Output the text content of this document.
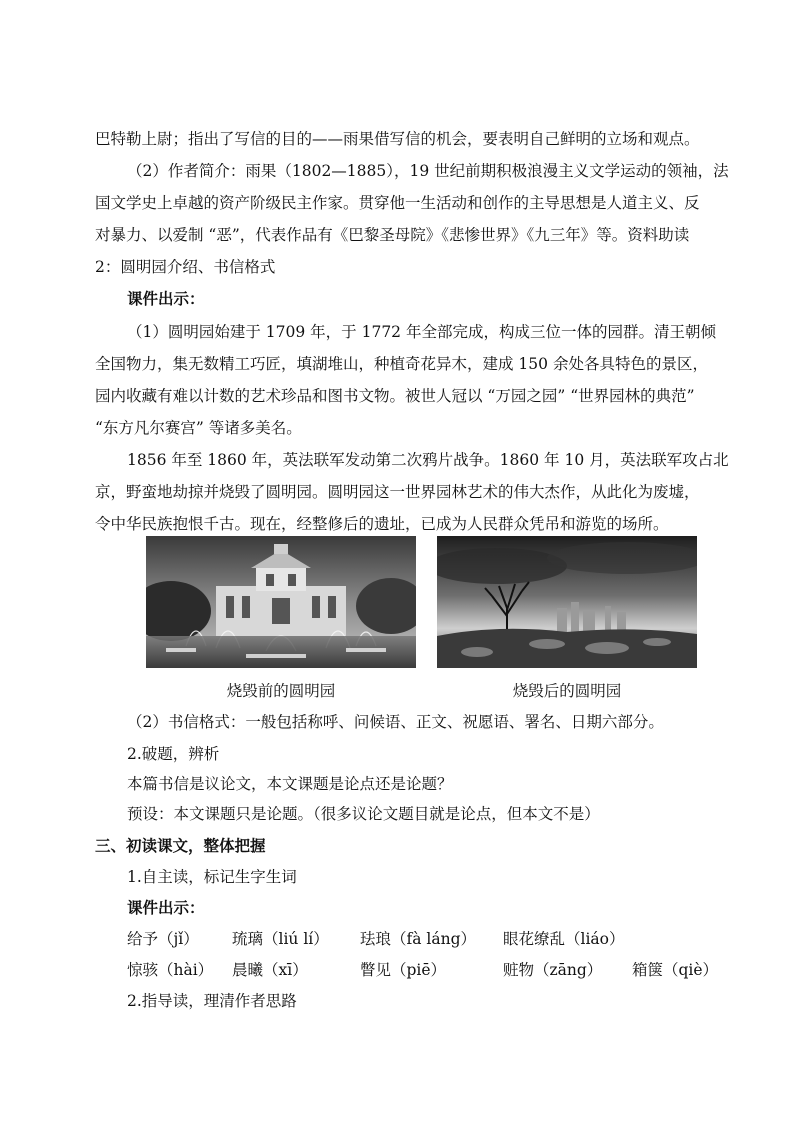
巴特勒上尉；指出了写信的目的——雨果借写信的机会，要表明自己鲜明的立场和观点。
（2）作者简介：雨果（1802—1885），19 世纪前期积极浪漫主义文学运动的领袖，法
国文学史上卓越的资产阶级民主作家。贯穿他一生活动和创作的主导思想是人道主义、反
对暴力、以爱制 “恶”，代表作品有《巴黎圣母院》《悲惨世界》《九三年》等。资料助读
2：圆明园介绍、书信格式
课件出示：
（1）圆明园始建于 1709 年，于 1772 年全部完成，构成三位一体的园群。清王朝倾
全国物力，集无数精工巧匠，填湖堆山，种植奇花异木，建成 150 余处各具特色的景区，
园内收藏有难以计数的艺术珍品和图书文物。被世人冠以 “万园之园” “世界园林的典范”
“东方凡尔赛宫” 等诸多美名。
1856 年至 1860 年，英法联军发动第二次鸦片战争。1860 年 10 月，英法联军攻占北
京，野蛮地劫掠并烧毁了圆明园。圆明园这一世界园林艺术的伟大杰作，从此化为废墟，
令中华民族抱恨千古。现在，经整修后的遗址，已成为人民群众凭吊和游览的场所。
烧毁前的圆明园	烧毁后的圆明园
（2）书信格式：一般包括称呼、问候语、正文、祝愿语、署名、日期六部分。
2.破题，辨析
本篇书信是议论文，本文课题是论点还是论题？
预设：本文课题只是论题。（很多议论文题目就是论点，但本文不是）
三、初读课文，整体把握
1.自主读，标记生字生词
课件出示：
给予（jǐ） 琉璃（liú lí） 珐琅（fà láng） 眼花缭乱（liáo）
惊骇（hài） 晨曦（xī）	瞥见（piē）	赃物（zāng） 箱箧（qiè）
2.指导读，理清作者思路
